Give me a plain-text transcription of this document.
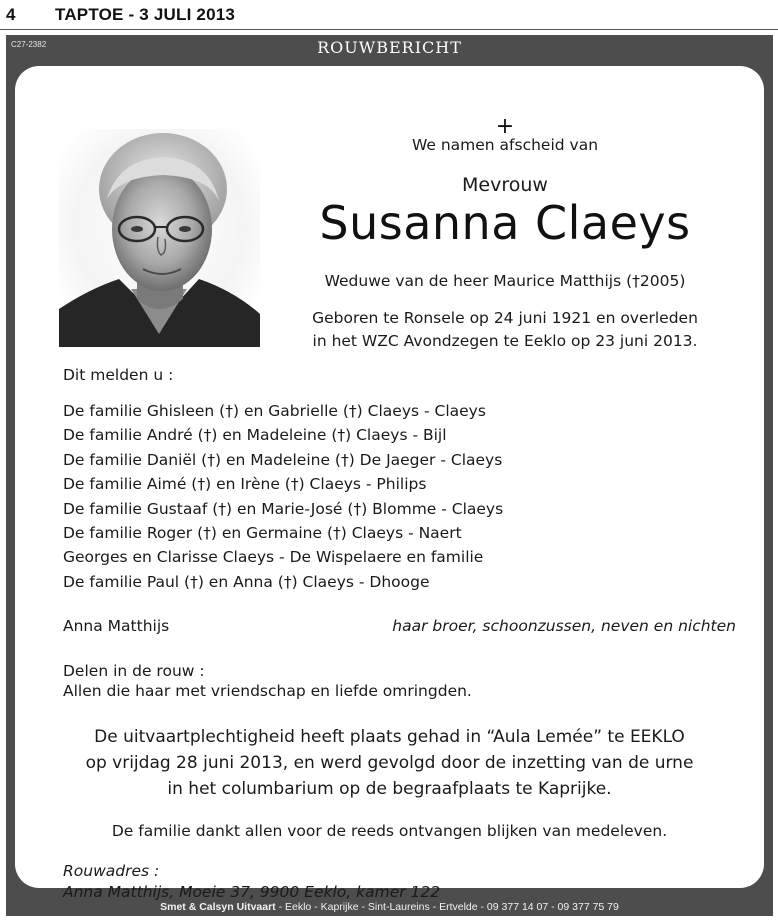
4 TAPTOE - 3 JULI 2013
C27-2382	ROUWBERICHT
+
We namen afscheid van
Mevrouw
Susanna Claeys
Weduwe van de heer Maurice Matthijs (†2005)
Geboren te Ronsele op 24 juni 1921 en overleden
in het WZC Avondzegen te Eeklo op 23 juni 2013.
Dit melden u :
De familie Ghisleen (†) en Gabrielle (†) Claeys - Claeys
De familie André (†) en Madeleine (†) Claeys - Bijl
De familie Daniël (†) en Madeleine (†) De Jaeger - Claeys
De familie Aimé (†) en Irène (†) Claeys - Philips
De familie Gustaaf (†) en Marie-José (†) Blomme - Claeys
De familie Roger (†) en Germaine (†) Claeys - Naert
Georges en Clarisse Claeys - De Wispelaere en familie
De familie Paul (†) en Anna (†) Claeys - Dhooge
Anna Matthijs	haar broer, schoonzussen, neven en nichten
Delen in de rouw :
Allen die haar met vriendschap en liefde omringden.
De uitvaartplechtigheid heeft plaats gehad in “Aula Lemée” te EEKLO
op vrijdag 28 juni 2013, en werd gevolgd door de inzetting van de urne
in het columbarium op de begraafplaats te Kaprijke.
De familie dankt allen voor de reeds ontvangen blijken van medeleven.
Rouwadres :
Anna Matthijs, Moeie 37, 9900 Eeklo, kamer 122
Smet & Calsyn Uitvaart - Eeklo - Kaprijke - Sint-Laureins - Ertvelde - 09 377 14 07 - 09 377 75 79
